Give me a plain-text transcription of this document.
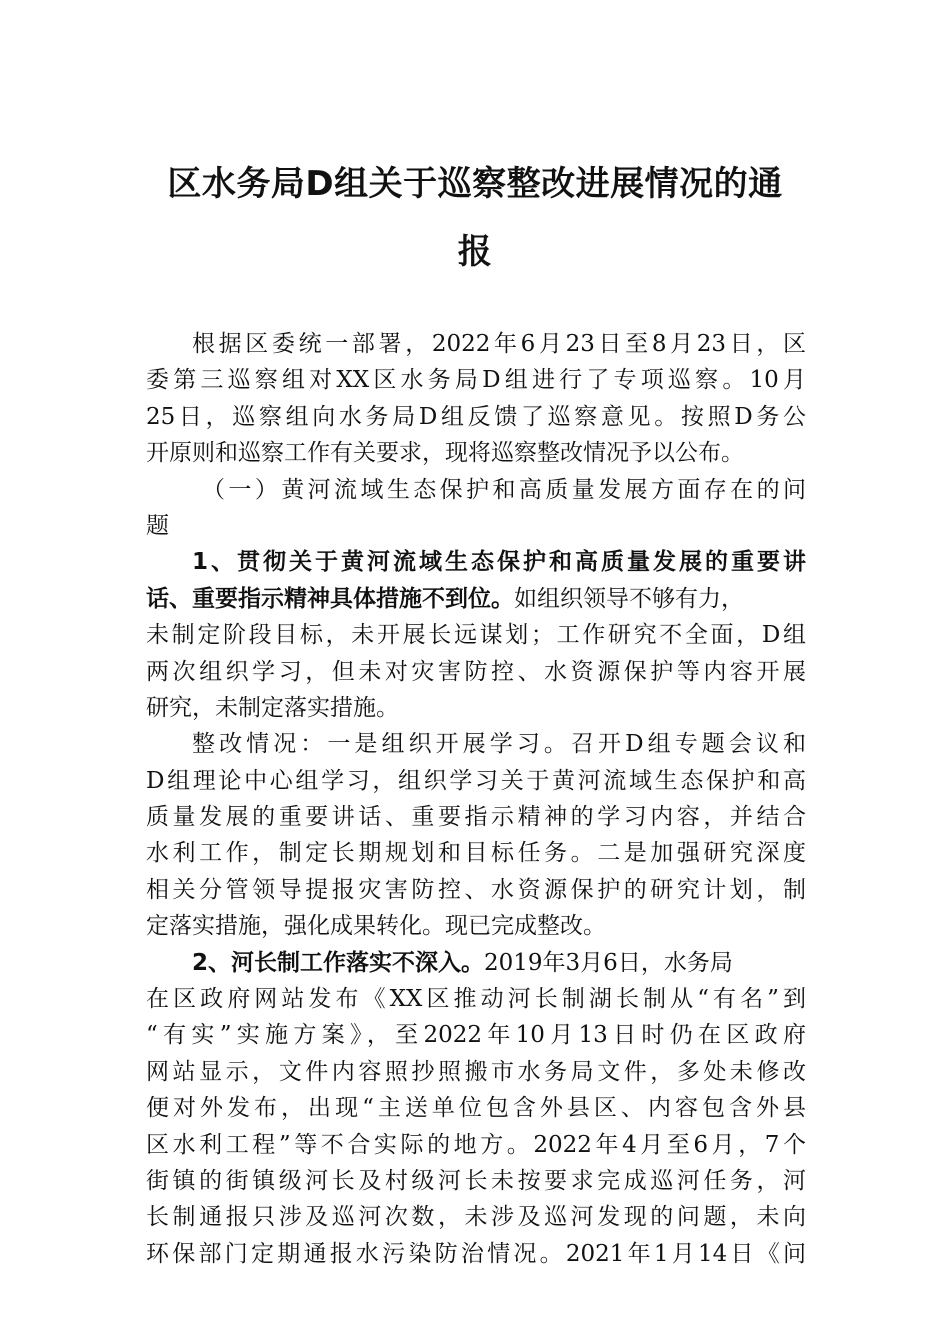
区水务局D组关于巡察整改进展情况的通
报
根据区委统一部署，2022年6月23日至8月23日，区
委第三巡察组对XX区水务局D组进行了专项巡察。10月
25日，巡察组向水务局D组反馈了巡察意见。按照D务公
开原则和巡察工作有关要求，现将巡察整改情况予以公布。
（一）黄河流域生态保护和高质量发展方面存在的问
题
1、贯彻关于黄河流域生态保护和高质量发展的重要讲
话、重要指示精神具体措施不到位。如组织领导不够有力，
未制定阶段目标，未开展长远谋划；工作研究不全面，D组
两次组织学习，但未对灾害防控、水资源保护等内容开展
研究，未制定落实措施。
整改情况：一是组织开展学习。召开D组专题会议和
D组理论中心组学习，组织学习关于黄河流域生态保护和高
质量发展的重要讲话、重要指示精神的学习内容，并结合
水利工作，制定长期规划和目标任务。二是加强研究深度
相关分管领导提报灾害防控、水资源保护的研究计划，制
定落实措施，强化成果转化。现已完成整改。
2、河长制工作落实不深入。2019年3月6日，水务局
在区政府网站发布《XX区推动河长制湖长制从“有名”到
“有实”实施方案》，至2022年10月13日时仍在区政府
网站显示，文件内容照抄照搬市水务局文件，多处未修改
便对外发布，出现“主送单位包含外县区、内容包含外县
区水利工程”等不合实际的地方。2022年4月至6月，7个
街镇的街镇级河长及村级河长未按要求完成巡河任务，河
长制通报只涉及巡河次数，未涉及巡河发现的问题，未向
环保部门定期通报水污染防治情况。2021年1月14日《问
